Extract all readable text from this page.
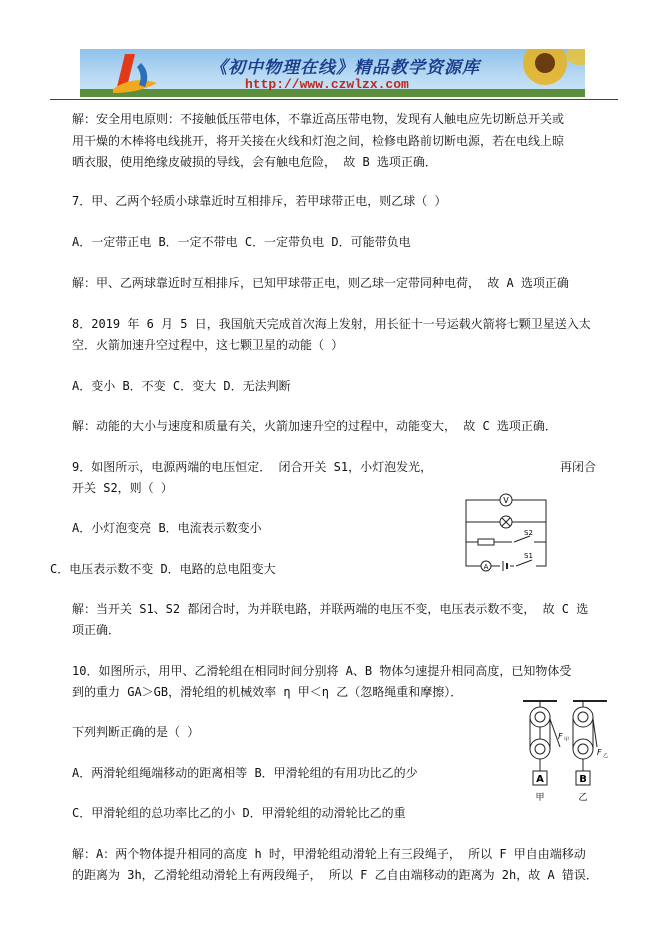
《初中物理在线》精品教学资源库
http://www.czwlzx.com
解：安全用电原则：不接触低压带电体，不靠近高压带电物，发现有人触电应先切断总开关或
用干燥的木棒将电线挑开，将开关接在火线和灯泡之间，检修电路前切断电源，若在电线上晾
晒衣服，使用绝缘皮破损的导线，会有触电危险， 故 B 选项正确．
7．甲、乙两个轻质小球靠近时互相排斥，若甲球带正电，则乙球（ ）
A．一定带正电 B．一定不带电 C．一定带负电 D．可能带负电
解：甲、乙两球靠近时互相排斥，已知甲球带正电，则乙球一定带同种电荷， 故 A 选项正确
8．2019 年 6 月 5 日，我国航天完成首次海上发射，用长征十一号运载火箭将七颗卫星送入太
空．火箭加速升空过程中，这七颗卫星的动能（ ）
A．变小 B．不变 C．变大 D．无法判断
解：动能的大小与速度和质量有关，火箭加速升空的过程中，动能变大， 故 C 选项正确．
9．如图所示，电源两端的电压恒定． 闭合开关 S1，小灯泡发光，	再闭合
开关 S2，则（ ）
A．小灯泡变亮 B．电流表示数变小
C．电压表示数不变 D．电路的总电阻变大
解：当开关 S1、S2 都闭合时，为并联电路，并联两端的电压不变，电压表示数不变， 故 C 选
项正确．
V
S2
A
S1
10．如图所示，用甲、乙滑轮组在相同时间分别将 A、B 物体匀速提升相同高度，已知物体受
到的重力 GA＞GB，滑轮组的机械效率 η 甲＜η 乙（忽略绳重和摩擦）．
下列判断正确的是（ ）
A．两滑轮组绳端移动的距离相等 B．甲滑轮组的有用功比乙的少
C．甲滑轮组的总功率比乙的小 D．甲滑轮组的动滑轮比乙的重
解：A：两个物体提升相同的高度 h 时，甲滑轮组动滑轮上有三段绳子， 所以 F 甲自由端移动
的距离为 3h，乙滑轮组动滑轮上有两段绳子， 所以 F 乙自由端移动的距离为 2h，故 A 错误．
A	B
F 甲
F 乙
甲	乙
